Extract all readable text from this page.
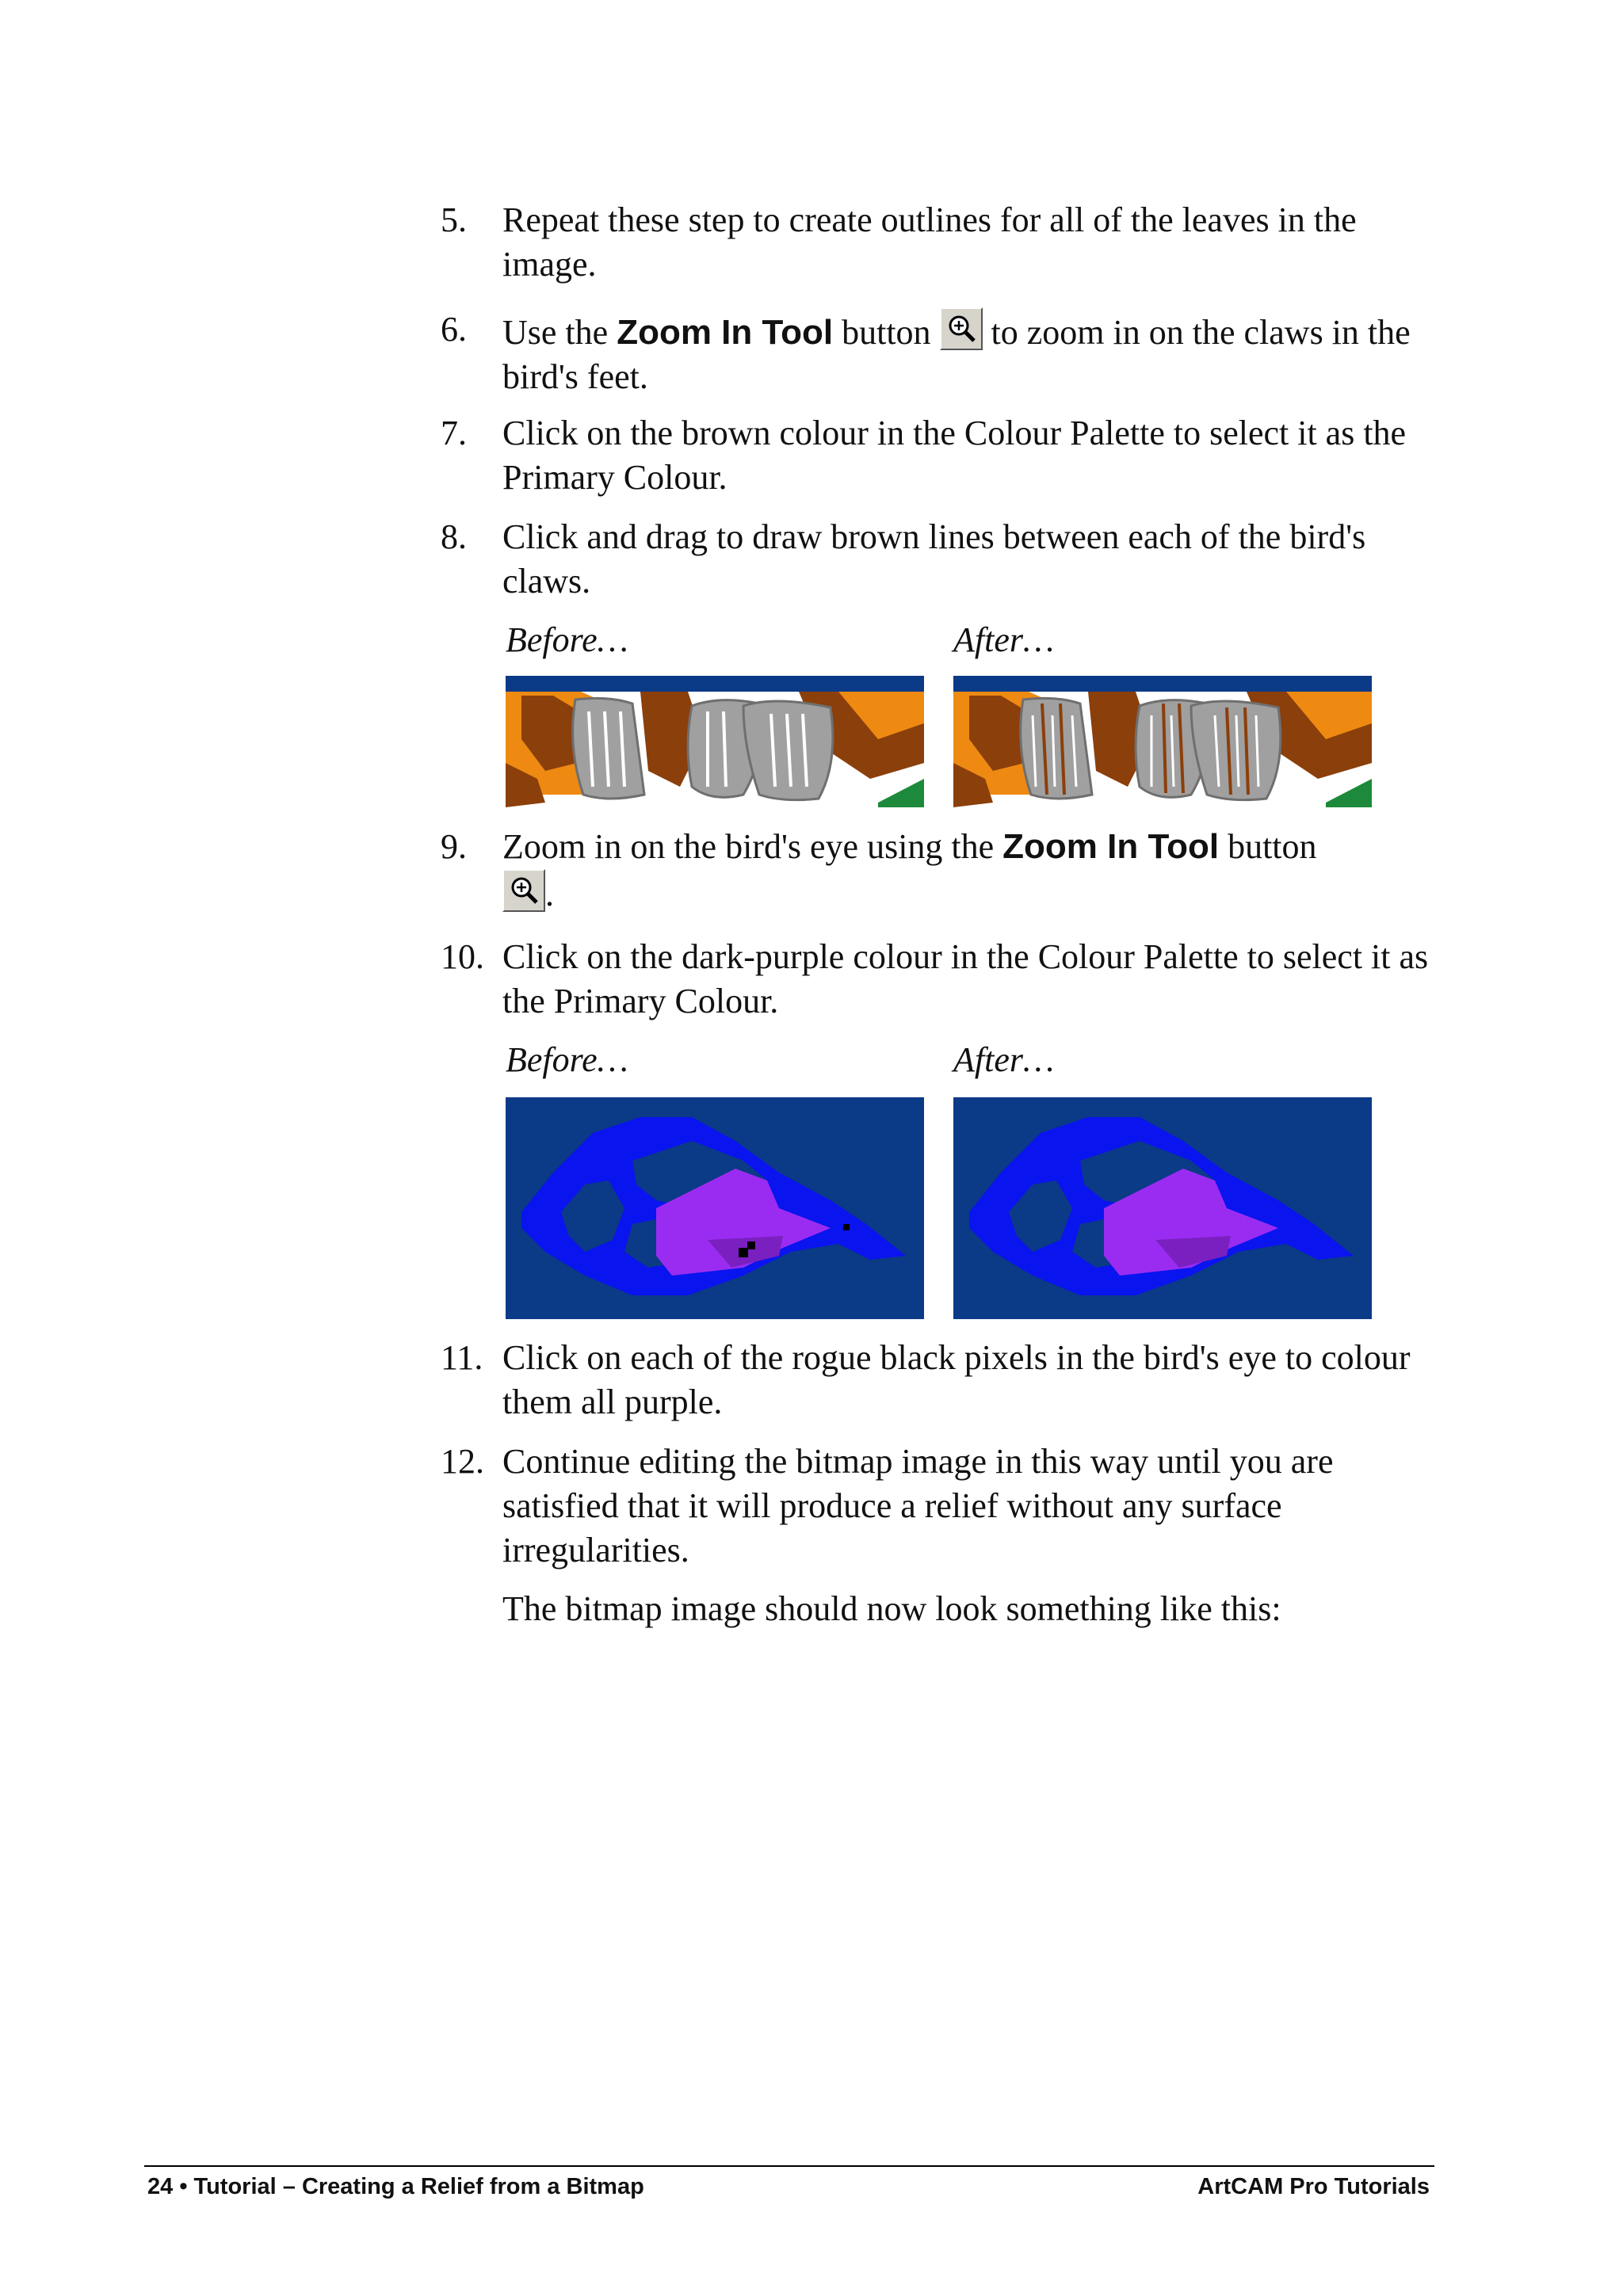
5. Repeat these step to create outlines for all of the leaves in the image.
6. Use the Zoom In Tool button
to zoom in on the claws in the bird's feet.
7. Click on the brown colour in the Colour Palette to select it as the Primary Colour.
8. Click and drag to draw brown lines between each of the bird's claws.
Before…	After…
9. Zoom in on the bird's eye using the Zoom In Tool button

.
10. Click on the dark-purple colour in the Colour Palette to select it as the Primary Colour.
Before…	After…
11. Click on each of the rogue black pixels in the bird's eye to colour them all purple.
12. Continue editing the bitmap image in this way until you are satisfied that it will produce a relief without any surface irregularities.
The bitmap image should now look something like this:
24 • Tutorial – Creating a Relief from a Bitmap	ArtCAM Pro Tutorials
